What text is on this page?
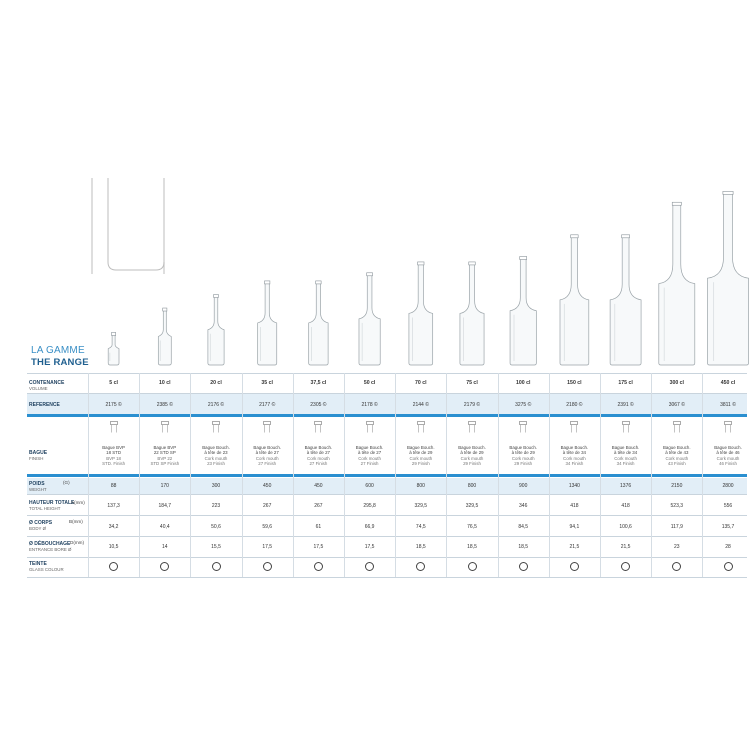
LA GAMME
THE RANGE
CONTENANCE
VOLUME
REFERENCE
BAGUE
FINISH
POIDS
WEIGHT
(G)
HAUTEUR TOTALE
TOTAL HEIGHT
A(mm)
Ø CORPS
BODY Ø
B(mm)
Ø DÉBOUCHAGE
ENTRANCE BORE Ø
D(mm)
TEINTE
GLASS COLOUR
5 cl
2175 ©
88
137,3
34,2
10,5
Bague BVP
18 STD
BVP 18
STD. Finish
10 cl
2385 ©
170
184,7
40,4
14
Bague BVP
22 STD SP
BVP 22
STD SP Finish
20 cl
2176 ©
300
223
50,6
15,5
Bague Bouch.
à tête de 23
Cork mouth
23 Finish
35 cl
2177 ©
450
267
59,6
17,5
Bague Bouch.
à tête de 27
Cork mouth
27 Finish
37,5 cl
2305 ©
450
267
61
17,5
Bague Bouch.
à tête de 27
Cork mouth
27 Finish
50 cl
2178 ©
600
295,8
66,9
17,5
Bague Bouch.
à tête de 27
Cork mouth
27 Finish
70 cl
2144 ©
800
329,5
74,5
18,5
Bague Bouch.
à tête de 29
Cork mouth
29 Finish
75 cl
2179 ©
800
329,5
76,5
18,5
Bague Bouch.
à tête de 29
Cork mouth
29 Finish
100 cl
3275 ©
900
346
84,5
18,5
Bague Bouch.
à tête de 29
Cork mouth
29 Finish
150 cl
2180 ©
1340
418
94,1
21,5
Bague Bouch.
à tête de 34
Cork mouth
34 Finish
175 cl
2391 ©
1376
418
100,6
21,5
Bague Bouch.
à tête de 34
Cork mouth
34 Finish
300 cl
3067 ©
2150
523,3
117,9
23
Bague Bouch.
à tête de 43
Cork mouth
43 Finish
450 cl
3811 ©
2800
556
135,7
28
Bague Bouch.
à tête de 46
Cork mouth
46 Finish
